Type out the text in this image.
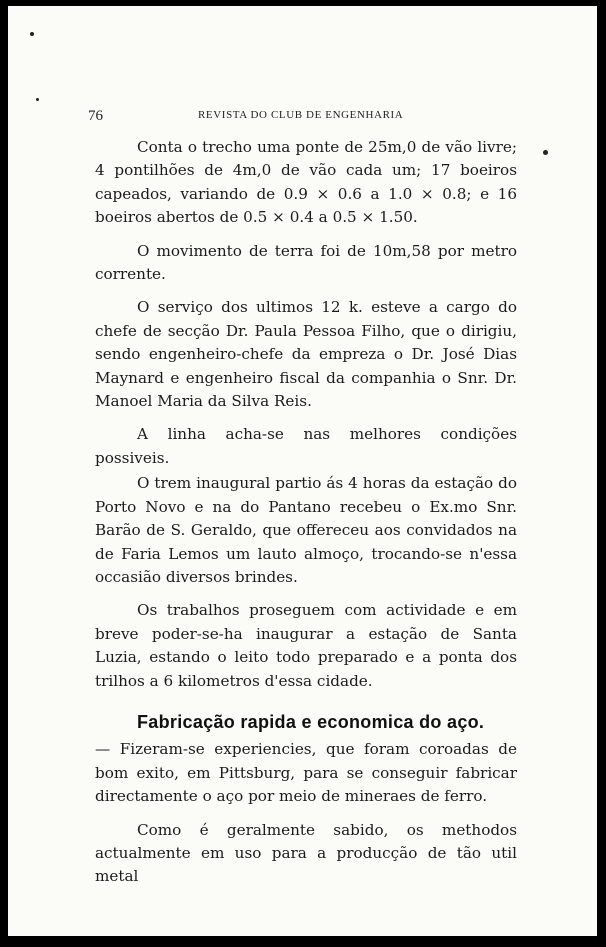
76	REVISTA DO CLUB DE ENGENHARIA

Conta o trecho uma ponte de 25m,0 de vão livre; 4 pontilhões de 4m,0 de vão cada um; 17 boeiros capeados, variando de 0.9 × 0.6 a 1.0 × 0.8; e 16 boeiros abertos de 0.5 × 0.4 a 0.5 × 1.50.

O movimento de terra foi de 10m,58 por metro corrente.

O serviço dos ultimos 12 k. esteve a cargo do chefe de secção Dr. Paula Pessoa Filho, que o dirigiu, sendo engenheiro-chefe da empreza o Dr. José Dias Maynard e engenheiro fiscal da companhia o Snr. Dr. Manoel Maria da Silva Reis.

A linha acha-se nas melhores condições possiveis.

O trem inaugural partio ás 4 horas da estação do Porto Novo e na do Pantano recebeu o Ex.mo Snr. Barão de S. Geraldo, que offereceu aos convidados na de Faria Lemos um lauto almoço, trocando-se n'essa occasião diversos brindes.

Os trabalhos proseguem com actividade e em breve poder-se-ha inaugurar a estação de Santa Luzia, estando o leito todo preparado e a ponta dos trilhos a 6 kilometros d'essa cidade.

Fabricação rapida e economica do aço.

— Fizeram-se experiencies, que foram coroadas de bom exito, em Pittsburg, para se conseguir fabricar directamente o aço por meio de mineraes de ferro.

Como é geralmente sabido, os methodos actualmente em uso para a producção de tão util metal
